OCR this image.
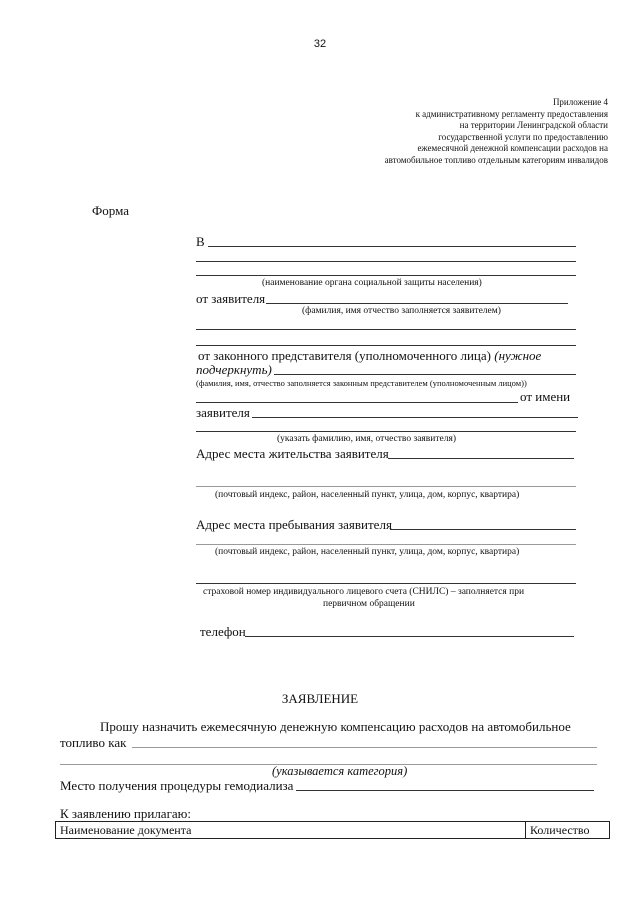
32
Приложение 4
к административному регламенту предоставления
на территории Ленинградской области
государственной услуги по предоставлению
ежемесячной денежной компенсации расходов на
автомобильное топливо отдельным категориям инвалидов
Форма
В
(наименование органа социальной защиты населения)
от заявителя
(фамилия, имя отчество заполняется заявителем)
от законного представителя (уполномоченного лица) (нужное
подчеркнуть)
(фамилия, имя, отчество заполняется законным представителем (уполномоченным лицом))
от имени
заявителя
(указать фамилию, имя, отчество заявителя)
Адрес места жительства заявителя
(почтовый индекс, район, населенный пункт, улица, дом, корпус, квартира)
Адрес места пребывания заявителя
(почтовый индекс, район, населенный пункт, улица, дом, корпус, квартира)
страховой номер индивидуального лицевого счета (СНИЛС) – заполняется при
первичном обращении
телефон
ЗАЯВЛЕНИЕ
Прошу назначить ежемесячную денежную компенсацию расходов на автомобильное
топливо как
(указывается категория)
Место получения процедуры гемодиализа
К заявлению прилагаю:
Наименование документа	Количество
